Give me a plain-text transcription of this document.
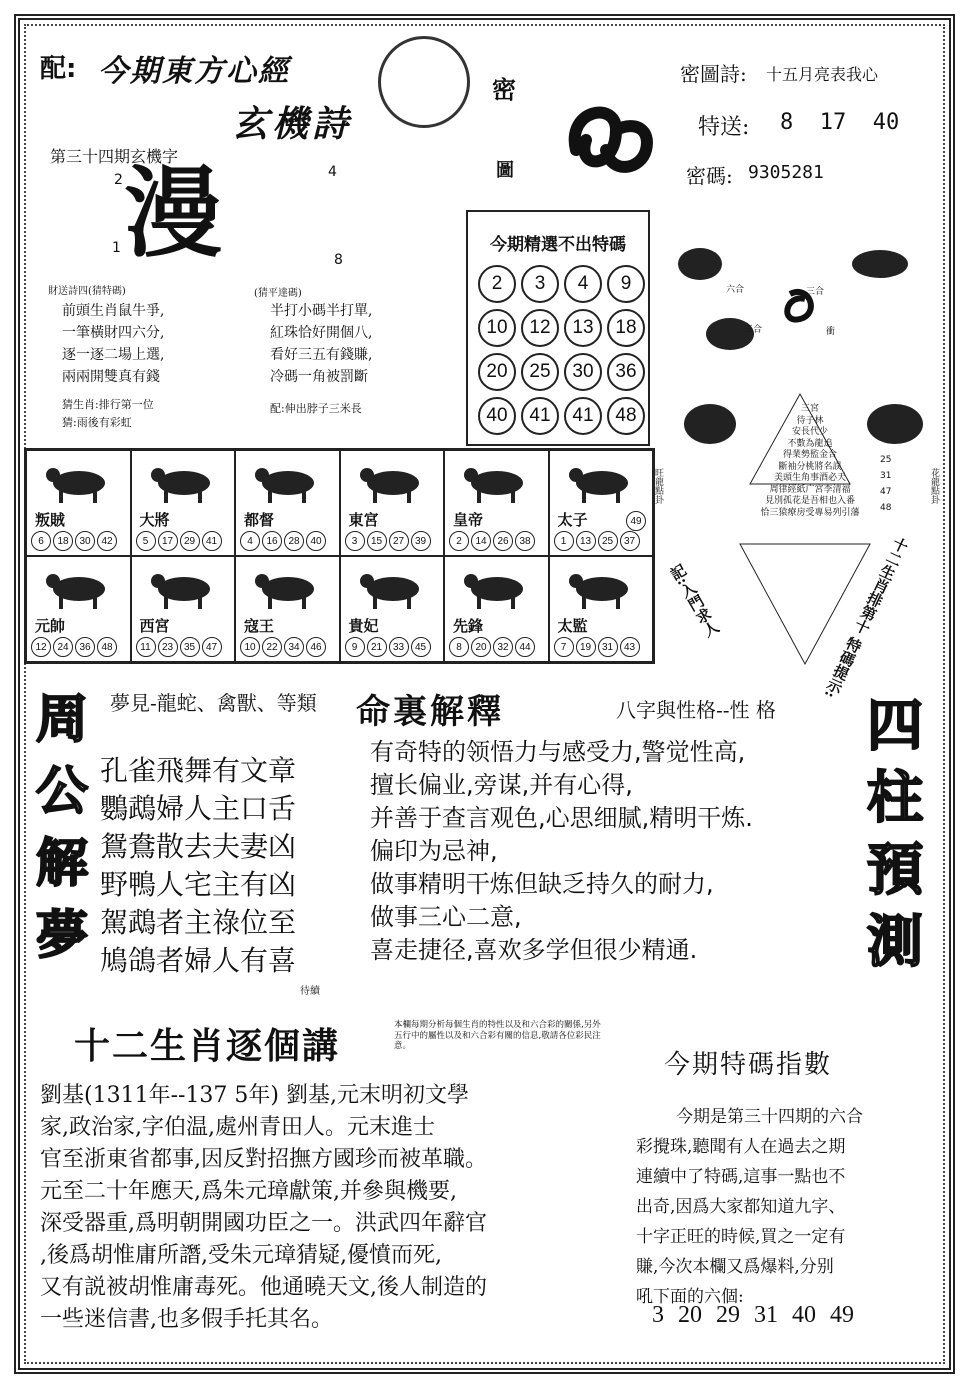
配: 今期東方心經
玄機詩
密
圖
密圖詩: 十五月亮表我心
特送: 8  17  40
密碼: 9305281
第三十四期玄機字
2	4
1
8
漫
財送詩四(猜特碼)
前頭生肖鼠牛爭,
一筆橫財四六分,
逐一逐二場上選,
兩兩開雙真有錢
猜生肖:排行第一位
猜:雨後有彩虹
(猜平達碼)
半打小碼半打單,
紅珠恰好開個八,
看好三五有錢賺,
冷碼一角被罰斷
配:伸出脖子三米長
今期精選不出特碼
2	3	4	9
10	12	13	18
20	25	30	36
40	41	41	48
叛賊
6	18	30	42
大將
5	17	29	41
都督
4	16	28	40
東宮
3	15	27	39
皇帝
2	14	26	38
太子	49
1	13	25	37
元帥
12	24	36	48
西宮
11	23	35	47
寇王
10	22	34	46
貴妃
9	21	33	45
先鋒
8	20	32	44
太監
7	19	31	43
六合	三合
三合	衝
旺龍點卦	花龍點卦
三宮
待子林
安長代少
不數為龍追
得業勢監金合
斷袖分桃將名誤
美頭生角事酒必天
周律經紙广宮李清福
見別孤花是吾相也入番
恰三猿療房受專易列引藩
25
31
47
48
記:入門求人	十二生肖排第十 特碼提示:
周
公
解
夢
夢見-龍蛇、禽獸、等類
孔雀飛舞有文章
鸚鵡婦人主口舌
鴛鴦散去夫妻凶
野鴨人宅主有凶
駕鵡者主祿位至
鳩鴿者婦人有喜
待續
命裏解釋	八字與性格--性 格
有奇特的领悟力与感受力,警觉性高,
擅长偏业,旁谋,并有心得,
并善于查言观色,心思细腻,精明干炼.
偏印为忌神,
做事精明干炼但缺乏持久的耐力,
做事三心二意,
喜走捷径,喜欢多学但很少精通.
四
柱
預
測
十二生肖逐個講
本欄每期分析每個生肖的特性以及和六合彩的關係,另外五行中的屬性以及和六合彩有關的信息,敬請各位彩民注意。
劉基(1311年--137 5年) 劉基,元末明初文學
家,政治家,字伯温,處州青田人。元末進士
官至浙東省都事,因反對招撫方國珍而被革職。
元至二十年應天,爲朱元璋獻策,并參與機要,
深受器重,爲明朝開國功臣之一。洪武四年辭官
,後爲胡惟庸所譖,受朱元璋猜疑,優憤而死,
又有説被胡惟庸毒死。他通曉天文,後人制造的
一些迷信書,也多假手托其名。
今期特碼指數
今期是第三十四期的六合
彩攪珠,聽聞有人在過去之期
連續中了特碼,這事一點也不
出奇,因爲大家都知道九字、
十字正旺的時候,買之一定有
賺,今次本欄又爲爆料,分别
吼下面的六個:
3 20 29 31 40 49
